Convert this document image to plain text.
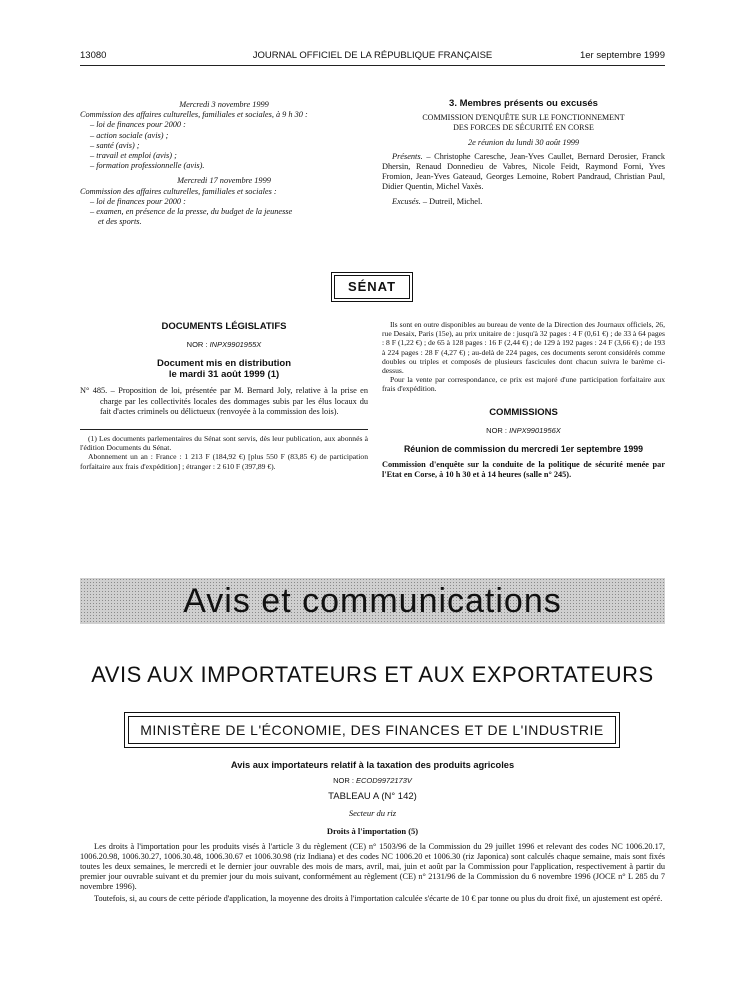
13080	JOURNAL OFFICIEL DE LA RÉPUBLIQUE FRANÇAISE	1er septembre 1999
Mercredi 3 novembre 1999
Commission des affaires culturelles, familiales et sociales, à 9 h 30 :
– loi de finances pour 2000 :
– action sociale (avis) ;
– santé (avis) ;
– travail et emploi (avis) ;
– formation professionnelle (avis).
Mercredi 17 novembre 1999
Commission des affaires culturelles, familiales et sociales :
– loi de finances pour 2000 :
– examen, en présence de la presse, du budget de la jeunesse
et des sports.
3. Membres présents ou excusés
COMMISSION D'ENQUÊTE SUR LE FONCTIONNEMENT
DES FORCES DE SÉCURITÉ EN CORSE
2e réunion du lundi 30 août 1999
Présents. – Christophe Caresche, Jean-Yves Caullet, Bernard Derosier, Franck Dhersin, Renaud Donnedieu de Vabres, Nicole Feidt, Raymond Forni, Yves Fromion, Jean-Yves Gateaud, Georges Lemoine, Robert Pandraud, Christian Paul, Didier Quentin, Michel Vaxès.
Excusés. – Dutreil, Michel.
SÉNAT
DOCUMENTS LÉGISLATIFS
NOR : INPX9901955X
Document mis en distribution
le mardi 31 août 1999 (1)
N° 485. – Proposition de loi, présentée par M. Bernard Joly, relative à la prise en charge par les collectivités locales des dommages subis par les élus locaux du fait d'actes criminels ou délictueux (renvoyée à la commission des lois).
(1) Les documents parlementaires du Sénat sont servis, dès leur publication, aux abonnés à l'édition Documents du Sénat.
Abonnement un an : France : 1 213 F (184,92 €) [plus 550 F (83,85 €) de participation forfaitaire aux frais d'expédition] ; étranger : 2 610 F (397,89 €).
Ils sont en outre disponibles au bureau de vente de la Direction des Journaux officiels, 26, rue Desaix, Paris (15e), au prix unitaire de : jusqu'à 32 pages : 4 F (0,61 €) ; de 33 à 64 pages : 8 F (1,22 €) ; de 65 à 128 pages : 16 F (2,44 €) ; de 129 à 192 pages : 24 F (3,66 €) ; de 193 à 224 pages : 28 F (4,27 €) ; au-delà de 224 pages, ces documents seront considérés comme doubles ou triples et composés de plusieurs fascicules dont chacun suivra le barème ci-dessus.
Pour la vente par correspondance, ce prix est majoré d'une participation forfaitaire aux frais d'expédition.
COMMISSIONS
NOR : INPX9901956X
Réunion de commission du mercredi 1er septembre 1999
Commission d'enquête sur la conduite de la politique de sécurité menée par l'Etat en Corse, à 10 h 30 et à 14 heures (salle n° 245).
Avis et communications
AVIS AUX IMPORTATEURS ET AUX EXPORTATEURS
MINISTÈRE DE L'ÉCONOMIE, DES FINANCES ET DE L'INDUSTRIE
Avis aux importateurs relatif à la taxation des produits agricoles
NOR : ECOD9972173V
TABLEAU A (N° 142)
Secteur du riz
Droits à l'importation (5)
Les droits à l'importation pour les produits visés à l'article 3 du règlement (CE) n° 1503/96 de la Commission du 29 juillet 1996 et relevant des codes NC 1006.20.17, 1006.20.98, 1006.30.27, 1006.30.48, 1006.30.67 et 1006.30.98 (riz Indiana) et des codes NC 1006.20 et 1006.30 (riz Japonica) sont calculés chaque semaine, mais sont fixés toutes les deux semaines, le mercredi et le dernier jour ouvrable des mois de mars, avril, mai, juin et août par la Commission pour l'application, respectivement à partir du premier jour ouvrable suivant et du premier jour du mois suivant, conformément au règlement (CE) n° 2131/96 de la Commission du 6 novembre 1996 (JOCE n° L 285 du 7 novembre 1996).
Toutefois, si, au cours de cette période d'application, la moyenne des droits à l'importation calculée s'écarte de 10 € par tonne ou plus du droit fixé, un ajustement est opéré.
